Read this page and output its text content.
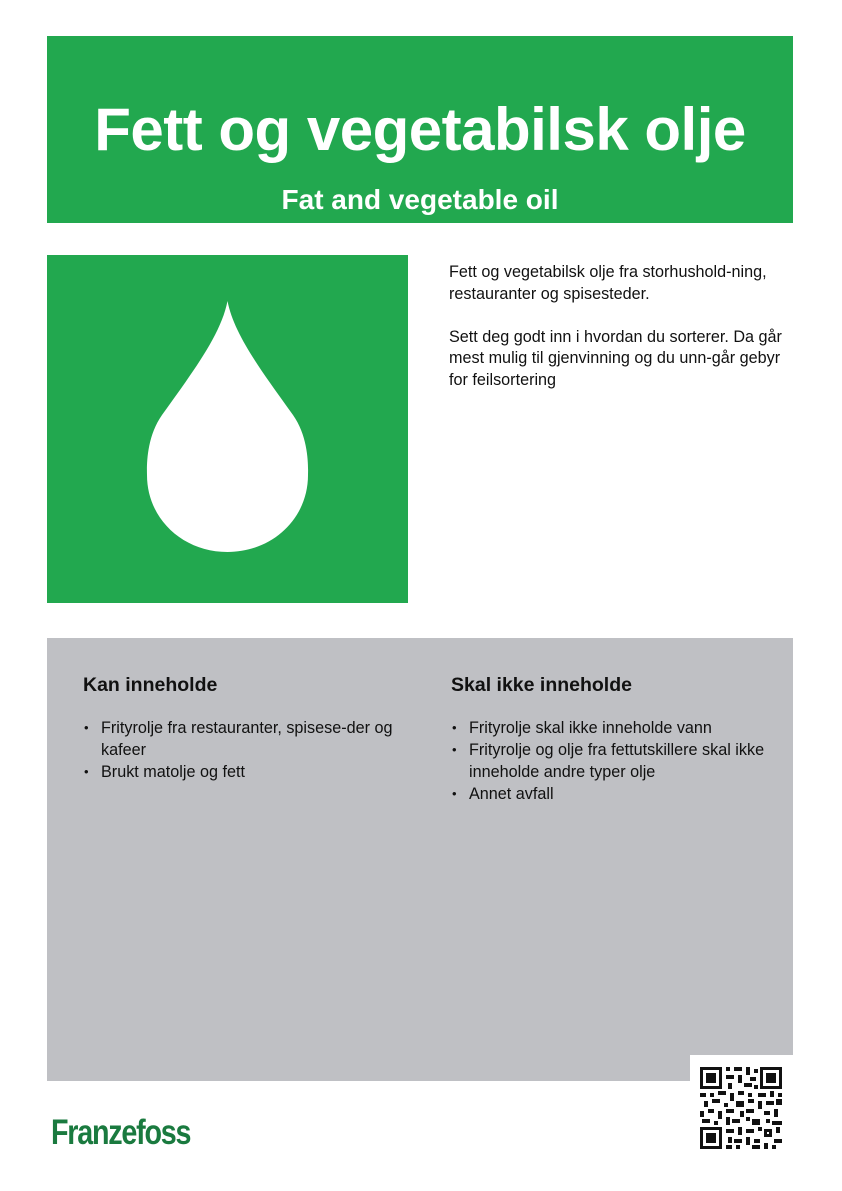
Fett og vegetabilsk olje

Fat and vegetable oil

Fett og vegetabilsk olje fra storhushold-ning, restauranter og spisesteder.

Sett deg godt inn i hvordan du sorterer. Da går mest mulig til gjenvinning og du unn-går gebyr for feilsortering

Kan inneholde
• Frityrolje fra restauranter, spisese-der og kafeer
• Brukt matolje og fett
Skal ikke inneholde
• Frityrolje skal ikke inneholde vann
• Frityrolje og olje fra fettutskillere skal ikke inneholde andre typer olje
• Annet avfall
Franzefoss
